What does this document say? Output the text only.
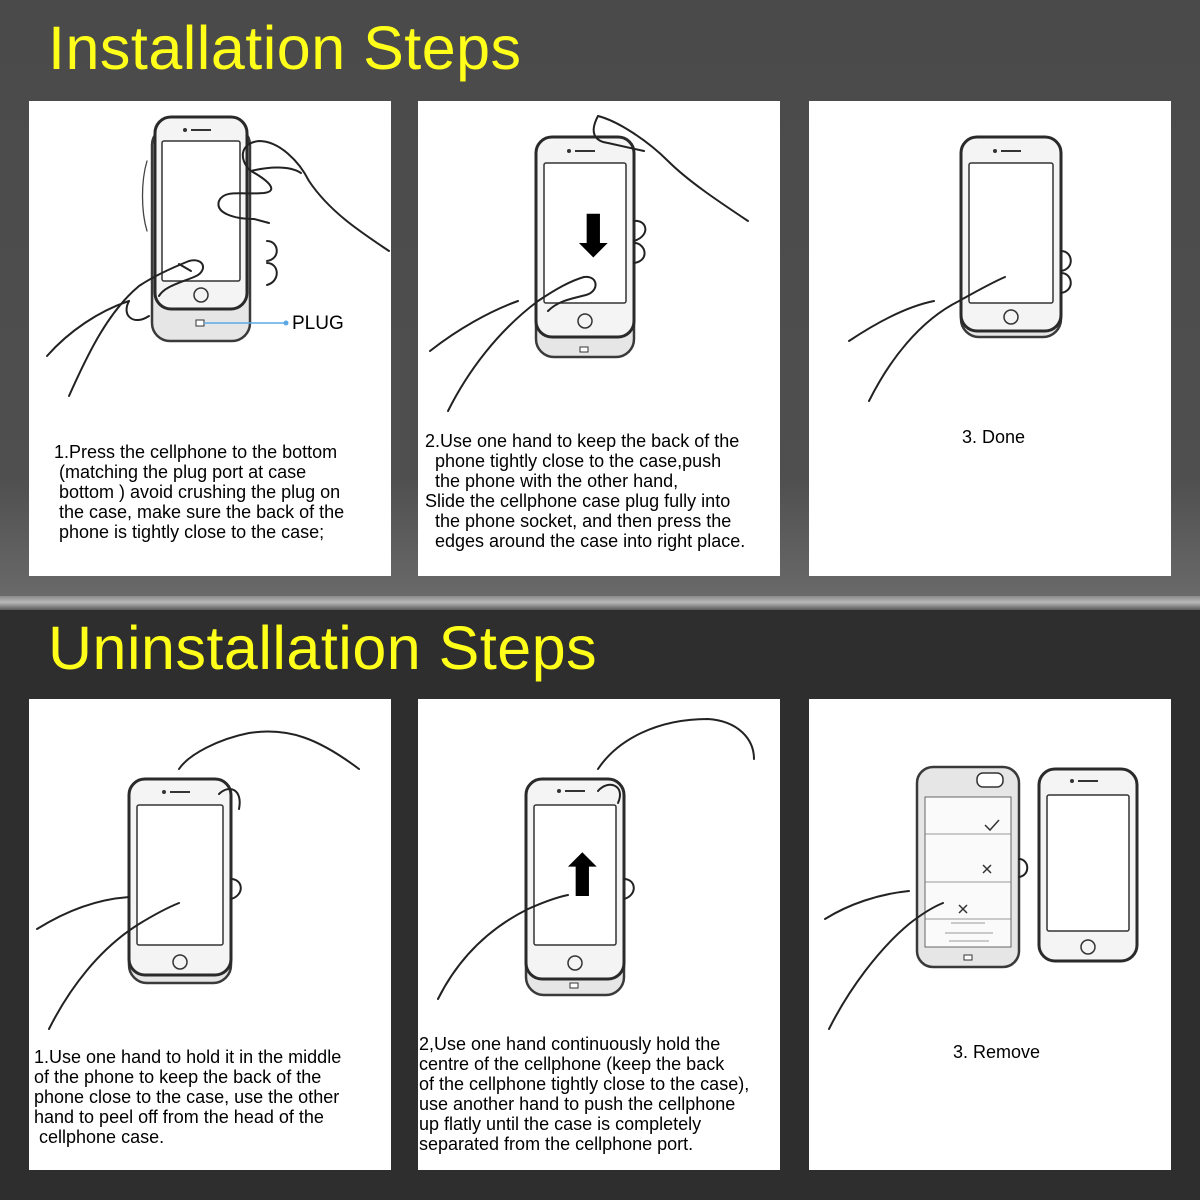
Installation Steps
Uninstallation Steps
PLUG

1.Press the cellphone to the bottom
(matching the plug port at case
bottom ) avoid crushing the plug on
the case, make sure the back of the
phone is tightly close to the case;

⬇

2.Use one hand to keep the back of the
phone tightly close to the case,push
the phone with the other hand,
Slide the cellphone case plug fully into
the phone socket, and then press the
edges around the case into right place.

3. Done

1.Use one hand to hold it in the middle
of the phone to keep the back of the
phone close to the case, use the other
hand to peel off from the head of the
cellphone case.

⬆

2,Use one hand continuously hold the
centre of the cellphone (keep the back
of the cellphone tightly close to the case),
use another hand to push the cellphone
up flatly until the case is completely
separated from the cellphone port.

3. Remove
